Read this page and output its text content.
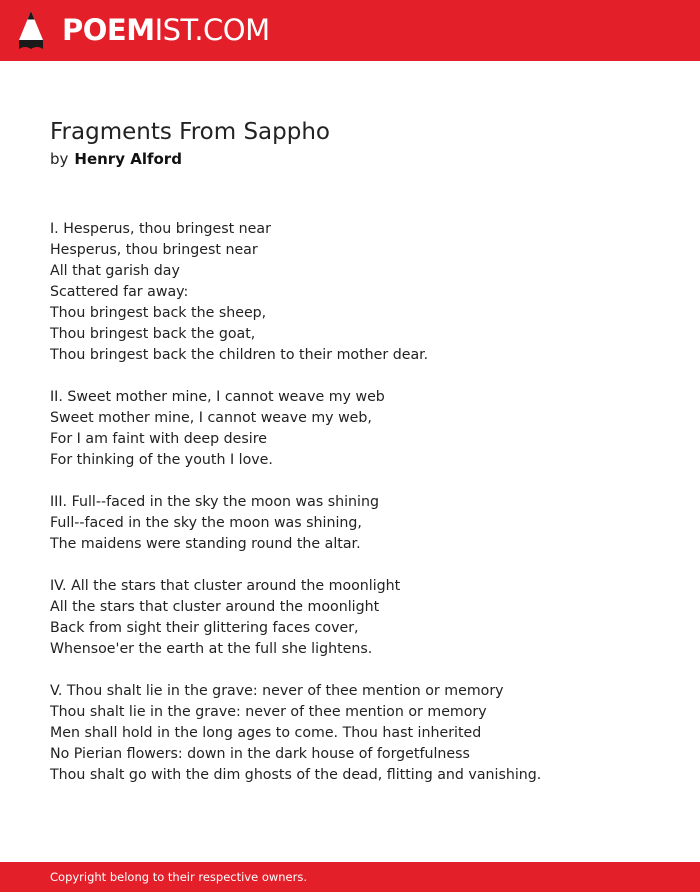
POEMIST.COM
Fragments From Sappho
by Henry Alford
I. Hesperus, thou bringest near
Hesperus, thou bringest near
All that garish day
Scattered far away:
Thou bringest back the sheep,
Thou bringest back the goat,
Thou bringest back the children to their mother dear.
II. Sweet mother mine, I cannot weave my web
Sweet mother mine, I cannot weave my web,
For I am faint with deep desire
For thinking of the youth I love.
III. Full--faced in the sky the moon was shining
Full--faced in the sky the moon was shining,
The maidens were standing round the altar.
IV. All the stars that cluster around the moonlight
All the stars that cluster around the moonlight
Back from sight their glittering faces cover,
Whensoe'er the earth at the full she lightens.
V. Thou shalt lie in the grave: never of thee mention or memory
Thou shalt lie in the grave: never of thee mention or memory
Men shall hold in the long ages to come. Thou hast inherited
No Pierian flowers: down in the dark house of forgetfulness
Thou shalt go with the dim ghosts of the dead, flitting and vanishing.
Copyright belong to their respective owners.
